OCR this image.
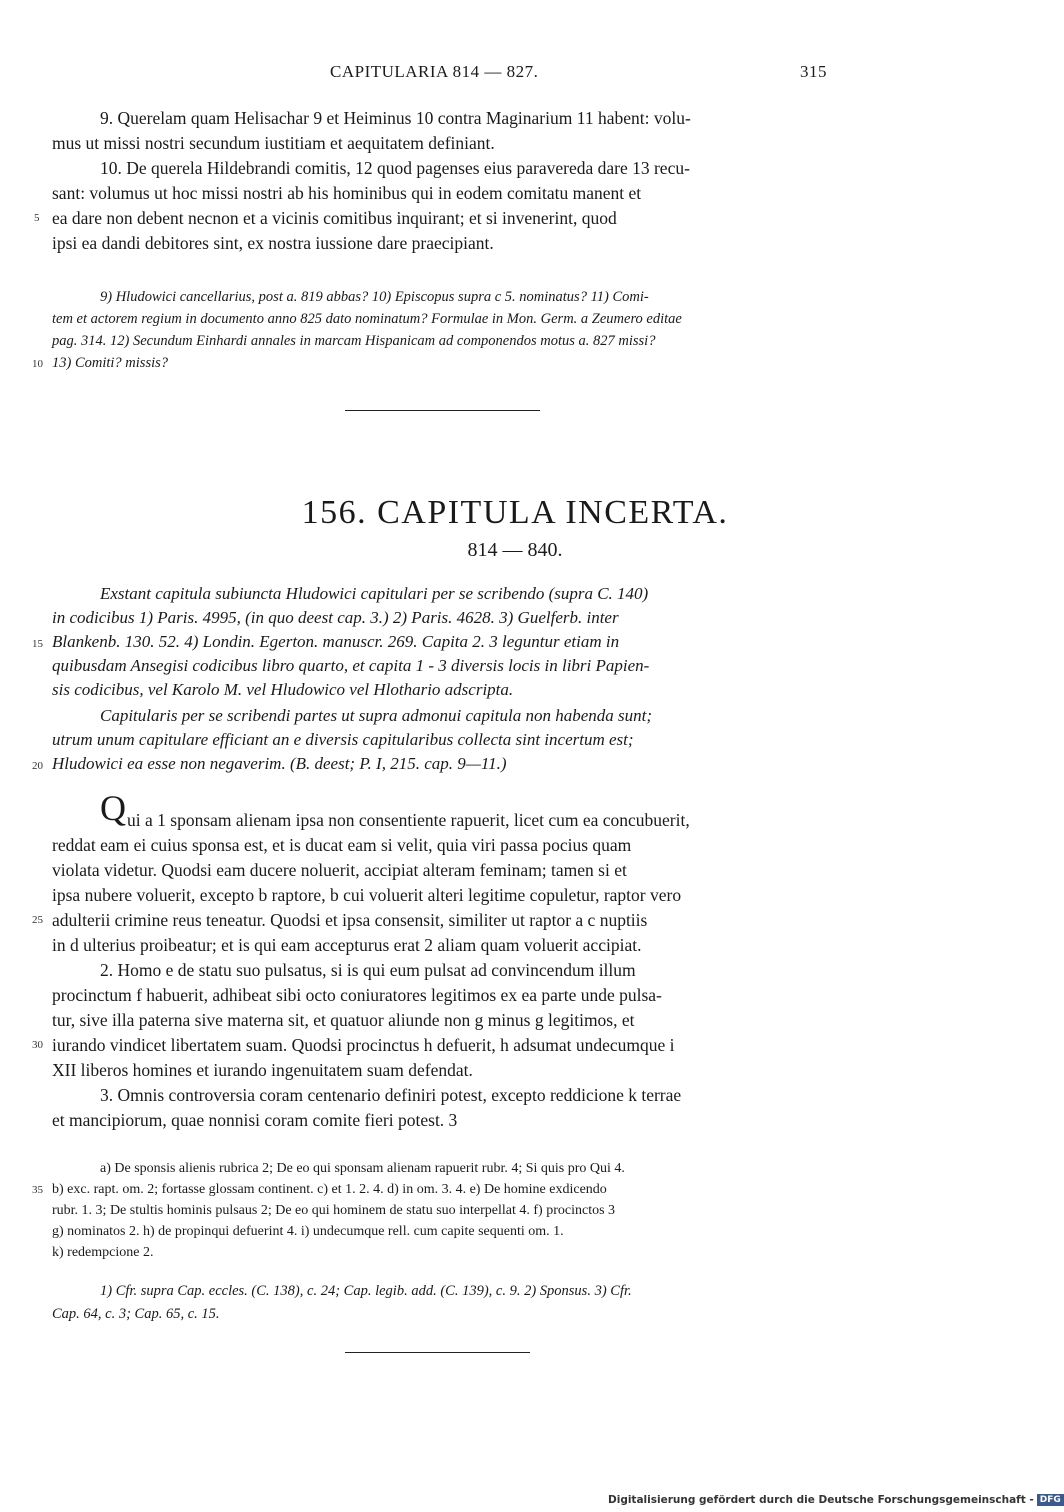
CAPITULARIA 814 — 827.	315
9. Querelam quam Helisachar 9 et Heiminus 10 contra Maginarium 11 habent: volu-
mus ut missi nostri secundum iustitiam et aequitatem definiant.
10. De querela Hildebrandi comitis, 12 quod pagenses eius paravereda dare 13 recu-
sant: volumus ut hoc missi nostri ab his hominibus qui in eodem comitatu manent et
ea dare non debent necnon et a vicinis comitibus inquirant; et si invenerint, quod
ipsi ea dandi debitores sint, ex nostra iussione dare praecipiant.
5
9) Hludowici cancellarius, post a. 819 abbas? 10) Episcopus supra c 5. nominatus? 11) Comi-
tem et actorem regium in documento anno 825 dato nominatum? Formulae in Mon. Germ. a Zeumero editae
pag. 314. 12) Secundum Einhardi annales in marcam Hispanicam ad componendos motus a. 827 missi?
13) Comiti? missis?
10
156. CAPITULA INCERTA.
814 — 840.
Exstant capitula subiuncta Hludowici capitulari per se scribendo (supra C. 140)
in codicibus 1) Paris. 4995, (in quo deest cap. 3.) 2) Paris. 4628. 3) Guelferb. inter
Blankenb. 130. 52. 4) Londin. Egerton. manuscr. 269. Capita 2. 3 leguntur etiam in
quibusdam Ansegisi codicibus libro quarto, et capita 1 - 3 diversis locis in libri Papien-
sis codicibus, vel Karolo M. vel Hludowico vel Hlothario adscripta.
Capitularis per se scribendi partes ut supra admonui capitula non habenda sunt;
utrum unum capitulare efficiant an e diversis capitularibus collecta sint incertum est;
Hludowici ea esse non negaverim. (B. deest; P. I, 215. cap. 9—11.)
15
20
Q ui a 1 sponsam alienam ipsa non consentiente rapuerit, licet cum ea concubuerit,
reddat eam ei cuius sponsa est, et is ducat eam si velit, quia viri passa pocius quam
violata videtur. Quodsi eam ducere noluerit, accipiat alteram feminam; tamen si et
ipsa nubere voluerit, excepto b raptore, b cui voluerit alteri legitime copuletur, raptor vero
adulterii crimine reus teneatur. Quodsi et ipsa consensit, similiter ut raptor a c nuptiis
in d ulterius proibeatur; et is qui eam accepturus erat 2 aliam quam voluerit accipiat.
2. Homo e de statu suo pulsatus, si is qui eum pulsat ad convincendum illum
procinctum f habuerit, adhibeat sibi octo coniuratores legitimos ex ea parte unde pulsa-
tur, sive illa paterna sive materna sit, et quatuor aliunde non g minus g legitimos, et
iurando vindicet libertatem suam. Quodsi procinctus h defuerit, h adsumat undecumque i
XII liberos homines et iurando ingenuitatem suam defendat.
3. Omnis controversia coram centenario definiri potest, excepto reddicione k terrae
et mancipiorum, quae nonnisi coram comite fieri potest. 3
25
30
a) De sponsis alienis rubrica 2; De eo qui sponsam alienam rapuerit rubr. 4; Si quis pro Qui 4.
b) exc. rapt. om. 2; fortasse glossam continent. c) et 1. 2. 4. d) in om. 3. 4. e) De homine exdicendo
rubr. 1. 3; De stultis hominis pulsaus 2; De eo qui hominem de statu suo interpellat 4. f) procinctos 3
g) nominatos 2. h) de propinqui defuerint 4. i) undecumque rell. cum capite sequenti om. 1.
k) redempcione 2.
35
1) Cfr. supra Cap. eccles. (C. 138), c. 24; Cap. legib. add. (C. 139), c. 9. 2) Sponsus. 3) Cfr.
Cap. 64, c. 3; Cap. 65, c. 15.
Digitalisierung gefördert durch die Deutsche Forschungsgemeinschaft - DFG
